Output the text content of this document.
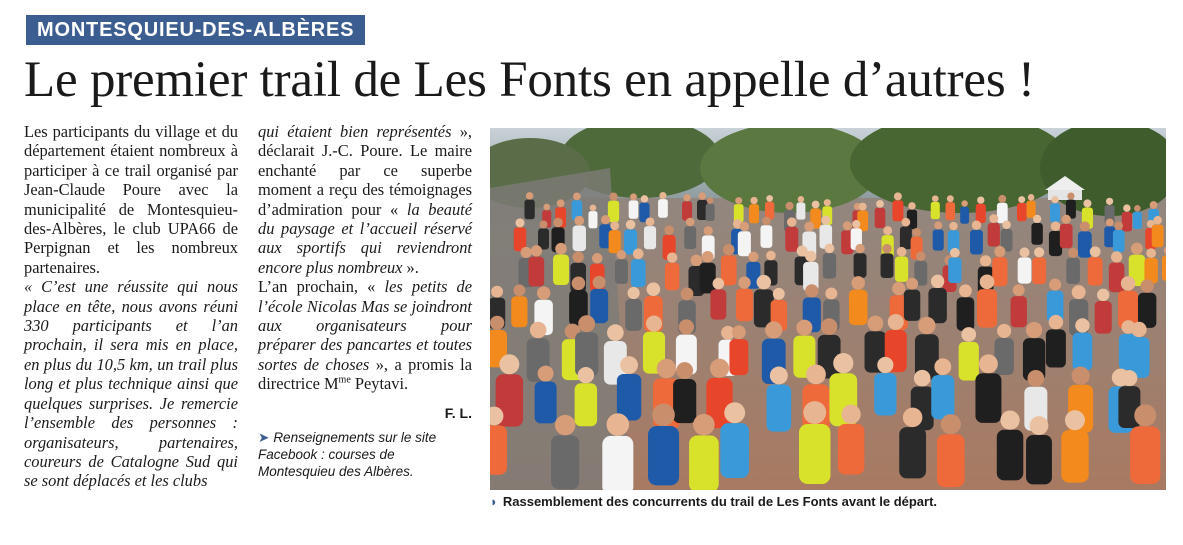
MONTESQUIEU-DES-ALBÈRES
Le premier trail de Les Fonts en appelle d’autres !

Les participants du village et du département étaient nombreux à participer à ce trail organisé par Jean-Claude Poure avec la municipalité de Montesquieu-des-Albères, le club UPA66 de Perpignan et les nombreux partenaires.

« C’est une réussite qui nous place en tête, nous avons réuni 330 participants et l’an prochain, il sera mis en place, en plus du 10,5 km, un trail plus long et plus technique ainsi que quelques surprises. Je remercie l’ensemble des personnes : organisateurs, partenaires, coureurs de Catalogne Sud qui se sont déplacés et les clubs

qui étaient bien représentés », déclarait J.-C. Poure. Le maire enchanté par ce superbe moment a reçu des témoignages d’admiration pour « la beauté du paysage et l’accueil réservé aux sportifs qui reviendront encore plus nombreux ».

L’an prochain, « les petits de l’école Nicolas Mas se joindront aux organisateurs pour préparer des pancartes et toutes sortes de choses », a promis la directrice $M^{me}$ Peytavi.

F. L.
➤ Renseignements sur le site Facebook : courses de Montesquieu des Albères.
◗ Rassemblement des concurrents du trail de Les Fonts avant le départ.
